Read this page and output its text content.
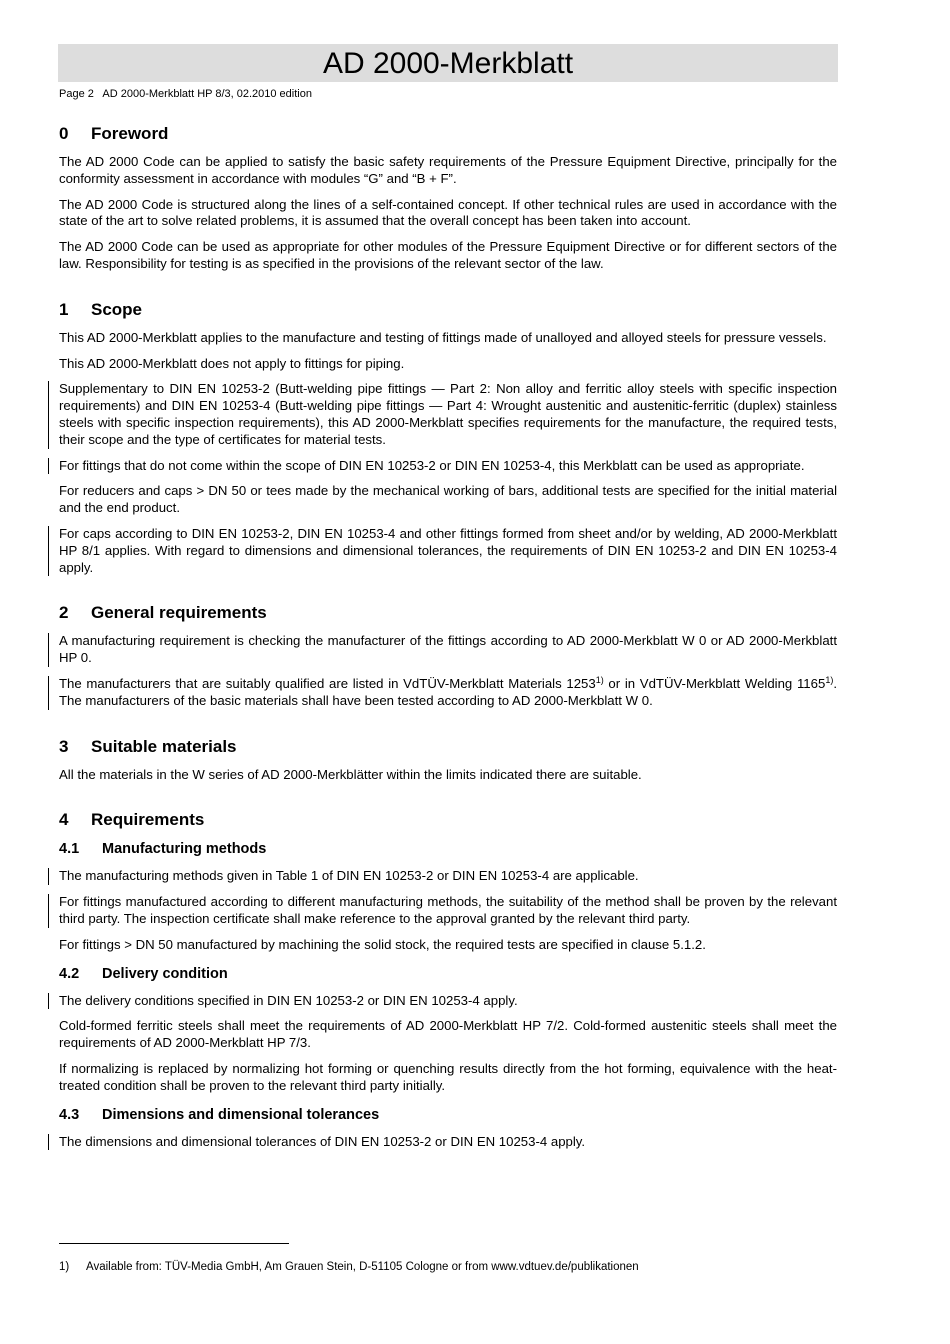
AD 2000-Merkblatt
Page 2   AD 2000-Merkblatt HP 8/3, 02.2010 edition
0	Foreword

The AD 2000 Code can be applied to satisfy the basic safety requirements of the Pressure Equipment Directive, principally for the conformity assessment in accordance with modules “G” and “B + F”.

The AD 2000 Code is structured along the lines of a self-contained concept. If other technical rules are used in accordance with the state of the art to solve related problems, it is assumed that the overall concept has been taken into account.

The AD 2000 Code can be used as appropriate for other modules of the Pressure Equipment Directive or for different sectors of the law. Responsibility for testing is as specified in the provisions of the relevant sector of the law.

1	Scope

This AD 2000-Merkblatt applies to the manufacture and testing of fittings made of unalloyed and alloyed steels for pressure vessels.

This AD 2000-Merkblatt does not apply to fittings for piping.

Supplementary to DIN EN 10253-2 (Butt-welding pipe fittings — Part 2: Non alloy and ferritic alloy steels with specific inspection requirements) and DIN EN 10253-4 (Butt-welding pipe fittings — Part 4: Wrought austenitic and austenitic-ferritic (duplex) stainless steels with specific inspection requirements), this AD 2000-Merkblatt specifies requirements for the manufacture, the required tests, their scope and the type of certificates for material tests.

For fittings that do not come within the scope of DIN EN 10253-2 or DIN EN 10253-4, this Merkblatt can be used as appropriate.

For reducers and caps > DN 50 or tees made by the mechanical working of bars, additional tests are specified for the initial material and the end product.

For caps according to DIN EN 10253-2, DIN EN 10253-4 and other fittings formed from sheet and/or by welding, AD 2000-Merkblatt HP 8/1 applies. With regard to dimensions and dimensional tolerances, the requirements of DIN EN 10253-2 and DIN EN 10253-4 apply.

2	General requirements

A manufacturing requirement is checking the manufacturer of the fittings according to AD 2000-Merkblatt W 0 or AD 2000-Merkblatt HP 0.

The manufacturers that are suitably qualified are listed in VdTÜV-Merkblatt Materials 1253$^{1)}$ or in VdTÜV-Merkblatt Welding 1165$^{1)}$. The manufacturers of the basic materials shall have been tested according to AD 2000-Merkblatt W 0.

3	Suitable materials

All the materials in the W series of AD 2000-Merkblätter within the limits indicated there are suitable.

4	Requirements
4.1	Manufacturing methods

The manufacturing methods given in Table 1 of DIN EN 10253-2 or DIN EN 10253-4 are applicable.

For fittings manufactured according to different manufacturing methods, the suitability of the method shall be proven by the relevant third party. The inspection certificate shall make reference to the approval granted by the relevant third party.

For fittings > DN 50 manufactured by machining the solid stock, the required tests are specified in clause 5.1.2.

4.2	Delivery condition

The delivery conditions specified in DIN EN 10253-2 or DIN EN 10253-4 apply.

Cold-formed ferritic steels shall meet the requirements of AD 2000-Merkblatt HP 7/2. Cold-formed austenitic steels shall meet the requirements of AD 2000-Merkblatt HP 7/3.

If normalizing is replaced by normalizing hot forming or quenching results directly from the hot forming, equivalence with the heat-treated condition shall be proven to the relevant third party initially.

4.3	Dimensions and dimensional tolerances

The dimensions and dimensional tolerances of DIN EN 10253-2 or DIN EN 10253-4 apply.

1)	Available from: TÜV-Media GmbH, Am Grauen Stein, D-51105 Cologne or from www.vdtuev.de/publikationen
